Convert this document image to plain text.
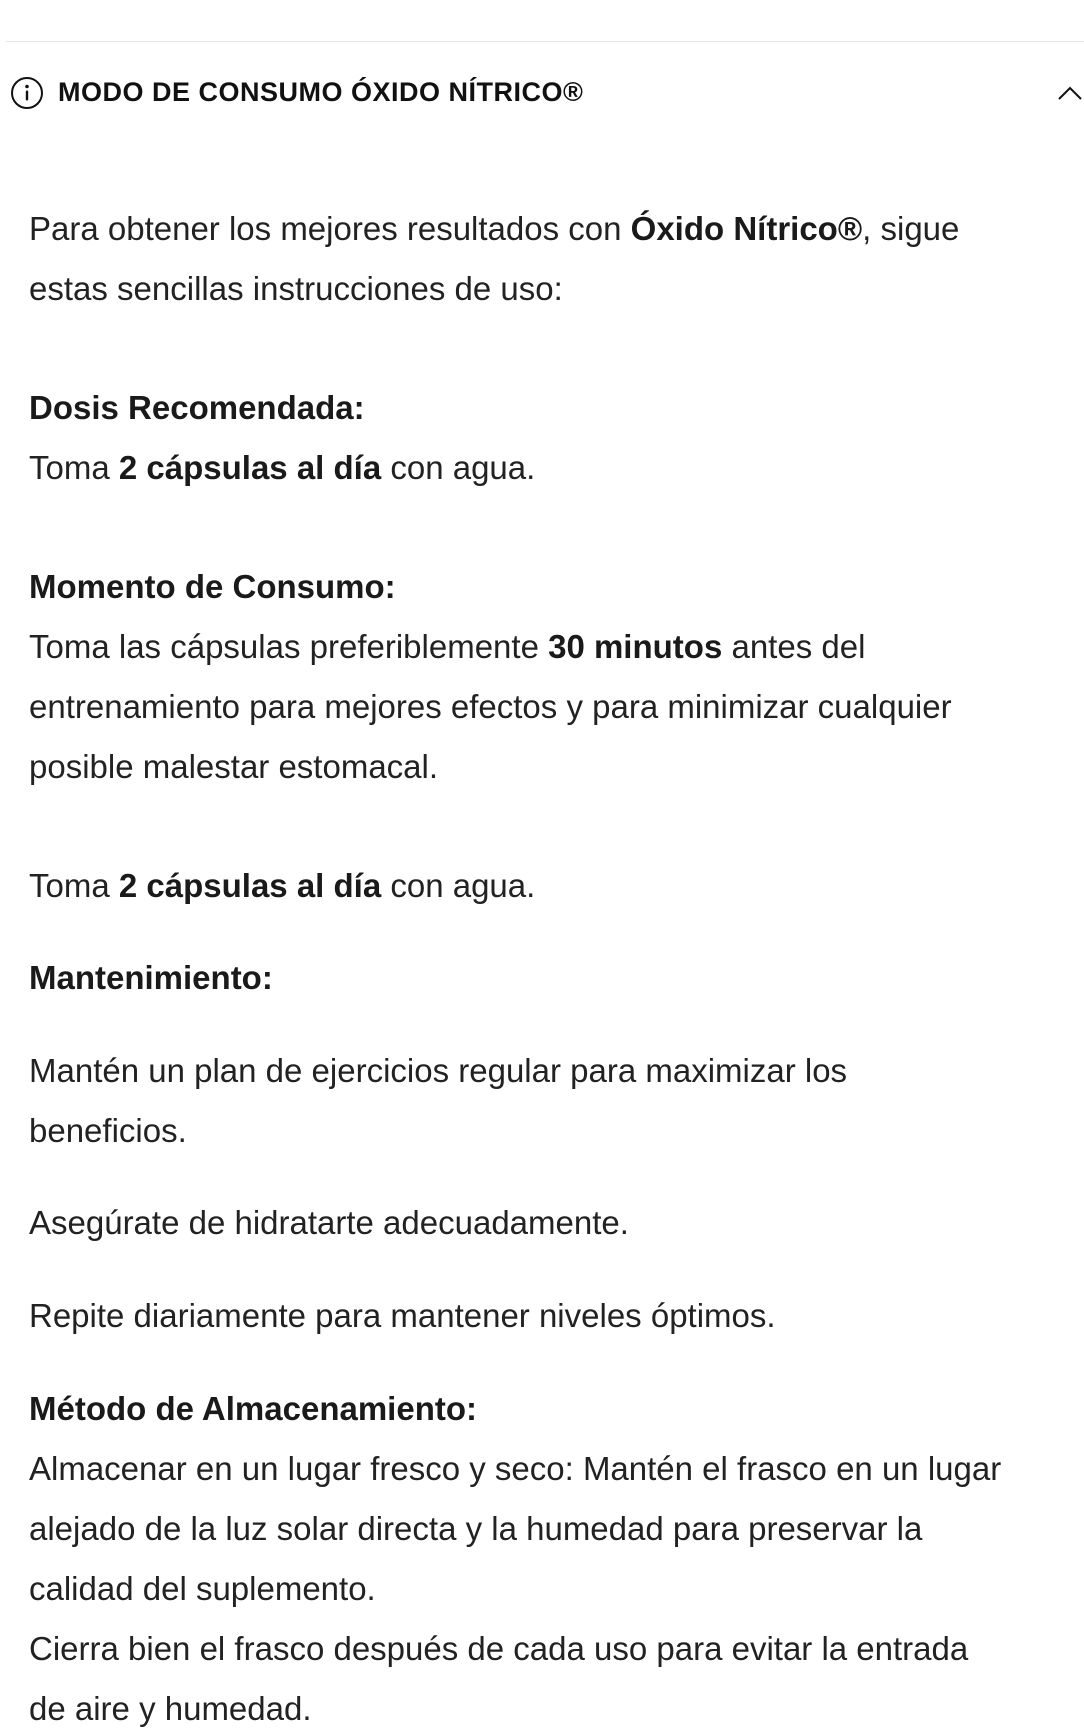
MODO DE CONSUMO ÓXIDO NÍTRICO®
Para obtener los mejores resultados con Óxido Nítrico®, sigue
estas sencillas instrucciones de uso:
Dosis Recomendada:
Toma 2 cápsulas al día con agua.
Momento de Consumo:
Toma las cápsulas preferiblemente 30 minutos antes del
entrenamiento para mejores efectos y para minimizar cualquier
posible malestar estomacal.
Toma 2 cápsulas al día con agua.
Mantenimiento:
Mantén un plan de ejercicios regular para maximizar los
beneficios.
Asegúrate de hidratarte adecuadamente.
Repite diariamente para mantener niveles óptimos.
Método de Almacenamiento:
Almacenar en un lugar fresco y seco: Mantén el frasco en un lugar
alejado de la luz solar directa y la humedad para preservar la
calidad del suplemento.
Cierra bien el frasco después de cada uso para evitar la entrada
de aire y humedad.
